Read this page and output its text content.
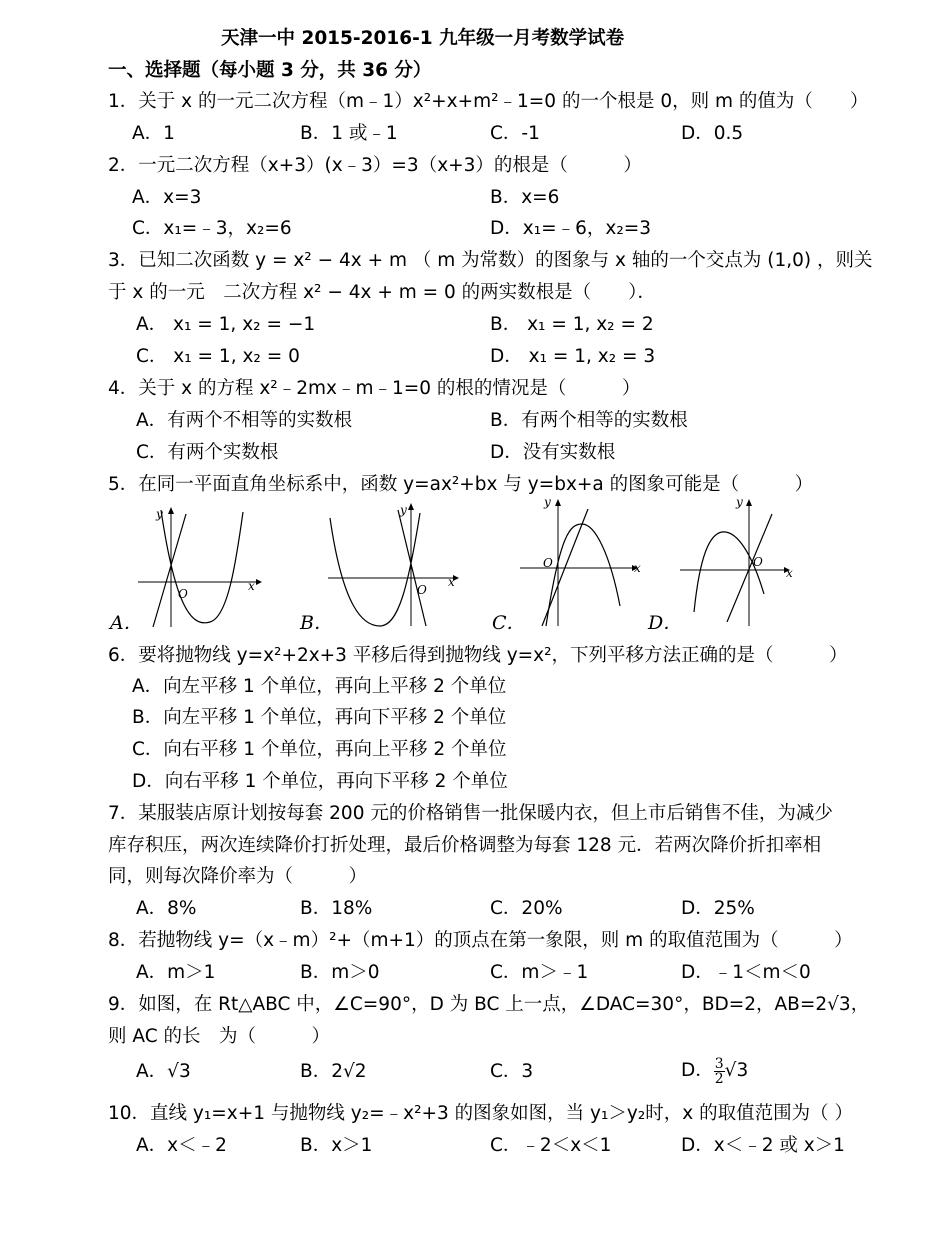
天津一中 2015-2016-1 九年级一月考数学试卷
一、选择题（每小题 3 分，共 36 分）
1．关于 x 的一元二次方程（m﹣1）x²+x+m²﹣1=0 的一个根是 0，则 m 的值为（　　）
A．1	B．1 或﹣1	C．-1	D．0.5
2．一元二次方程（x+3）(x﹣3）=3（x+3）的根是（　　　）
A．x=3	B．x=6
C．x₁=﹣3，x₂=6	D．x₁=﹣6，x₂=3
3．已知二次函数 y = x² − 4x + m （ m 为常数）的图象与 x 轴的一个交点为 (1,0) ，则关
于 x 的一元　二次方程 x² − 4x + m = 0 的两实数根是（　　）．
A． x₁ = 1, x₂ = −1	B． x₁ = 1, x₂ = 2
C． x₁ = 1, x₂ = 0	D． x₁ = 1, x₂ = 3
4．关于 x 的方程 x²﹣2mx﹣m﹣1=0 的根的情况是（　　　）
A．有两个不相等的实数根	B．有两个相等的实数根
C．有两个实数根	D．没有实数根
5．在同一平面直角坐标系中，函数 y=ax²+bx 与 y=bx+a 的图象可能是（　　　）
A．
x
y
O
B．
x
y
O
C．
x
y
O
D．
x
y
O
6．要将抛物线 y=x²+2x+3 平移后得到抛物线 y=x²，下列平移方法正确的是（　　　）
A．向左平移 1 个单位，再向上平移 2 个单位
B．向左平移 1 个单位，再向下平移 2 个单位
C．向右平移 1 个单位，再向上平移 2 个单位
D．向右平移 1 个单位，再向下平移 2 个单位
7．某服装店原计划按每套 200 元的价格销售一批保暖内衣，但上市后销售不佳，为减少
库存积压，两次连续降价打折处理，最后价格调整为每套 128 元．若两次降价折扣率相
同，则每次降价率为（　　　）
A．8%	B．18%	C．20%	D．25%
8．若抛物线 y=（x﹣m）²+（m+1）的顶点在第一象限，则 m 的取值范围为（　　　）
A．m＞1	B．m＞0	C．m＞﹣1	D．﹣1＜m＜0
9．如图，在 Rt△ABC 中，∠C=90°，D 为 BC 上一点，∠DAC=30°，BD=2，AB=2√3，
则 AC 的长　为（　　　）
A．√3	B．2√2	C．3	D． $\frac{3}{2} √3$
10．直线 y₁=x+1 与抛物线 y₂=﹣x²+3 的图象如图，当 y₁＞y₂时，x 的取值范围为（ ）
A．x＜﹣2	B．x＞1	C．﹣2＜x＜1	D．x＜﹣2 或 x＞1
